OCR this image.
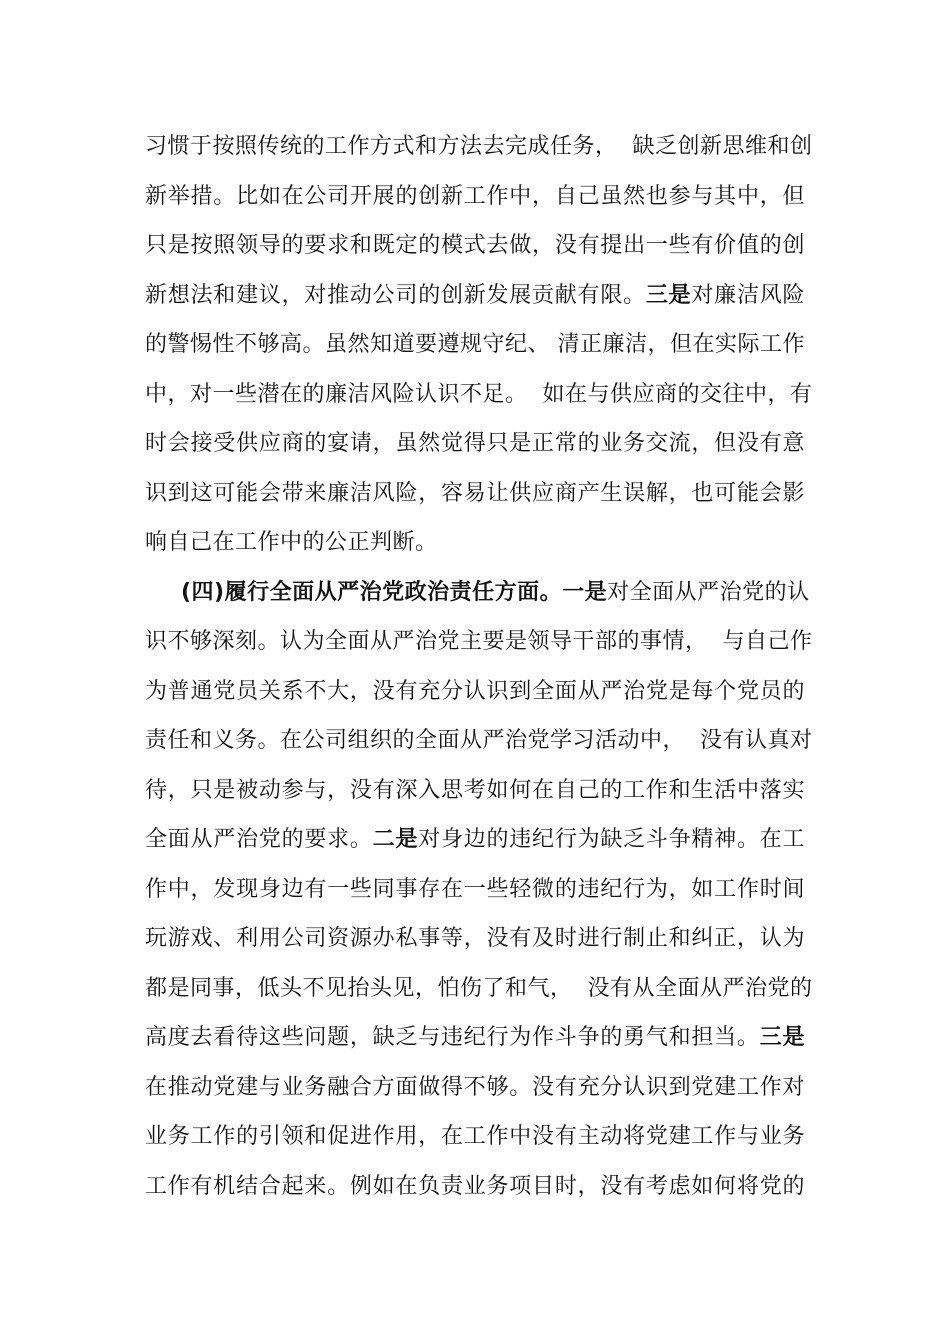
习惯于按照传统的工作方式和方法去完成任务，  缺乏创新思维和创
新举措。比如在公司开展的创新工作中，自己虽然也参与其中，但
只是按照领导的要求和既定的模式去做，没有提出一些有价值的创
新想法和建议，对推动公司的创新发展贡献有限。三是对廉洁风险
的警惕性不够高。虽然知道要遵规守纪、 清正廉洁，但在实际工作
中，对一些潜在的廉洁风险认识不足。  如在与供应商的交往中，有
时会接受供应商的宴请，虽然觉得只是正常的业务交流，但没有意
识到这可能会带来廉洁风险，容易让供应商产生误解，也可能会影
响自己在工作中的公正判断。
(四)履行全面从严治党政治责任方面。一是对全面从严治党的认
识不够深刻。认为全面从严治党主要是领导干部的事情，  与自己作
为普通党员关系不大，没有充分认识到全面从严治党是每个党员的
责任和义务。在公司组织的全面从严治党学习活动中，  没有认真对
待，只是被动参与，没有深入思考如何在自己的工作和生活中落实
全面从严治党的要求。二是对身边的违纪行为缺乏斗争精神。在工
作中，发现身边有一些同事存在一些轻微的违纪行为，如工作时间
玩游戏、利用公司资源办私事等，没有及时进行制止和纠正，认为
都是同事，低头不见抬头见，怕伤了和气，  没有从全面从严治党的
高度去看待这些问题，缺乏与违纪行为作斗争的勇气和担当。三是
在推动党建与业务融合方面做得不够。没有充分认识到党建工作对
业务工作的引领和促进作用，在工作中没有主动将党建工作与业务
工作有机结合起来。例如在负责业务项目时，没有考虑如何将党的
